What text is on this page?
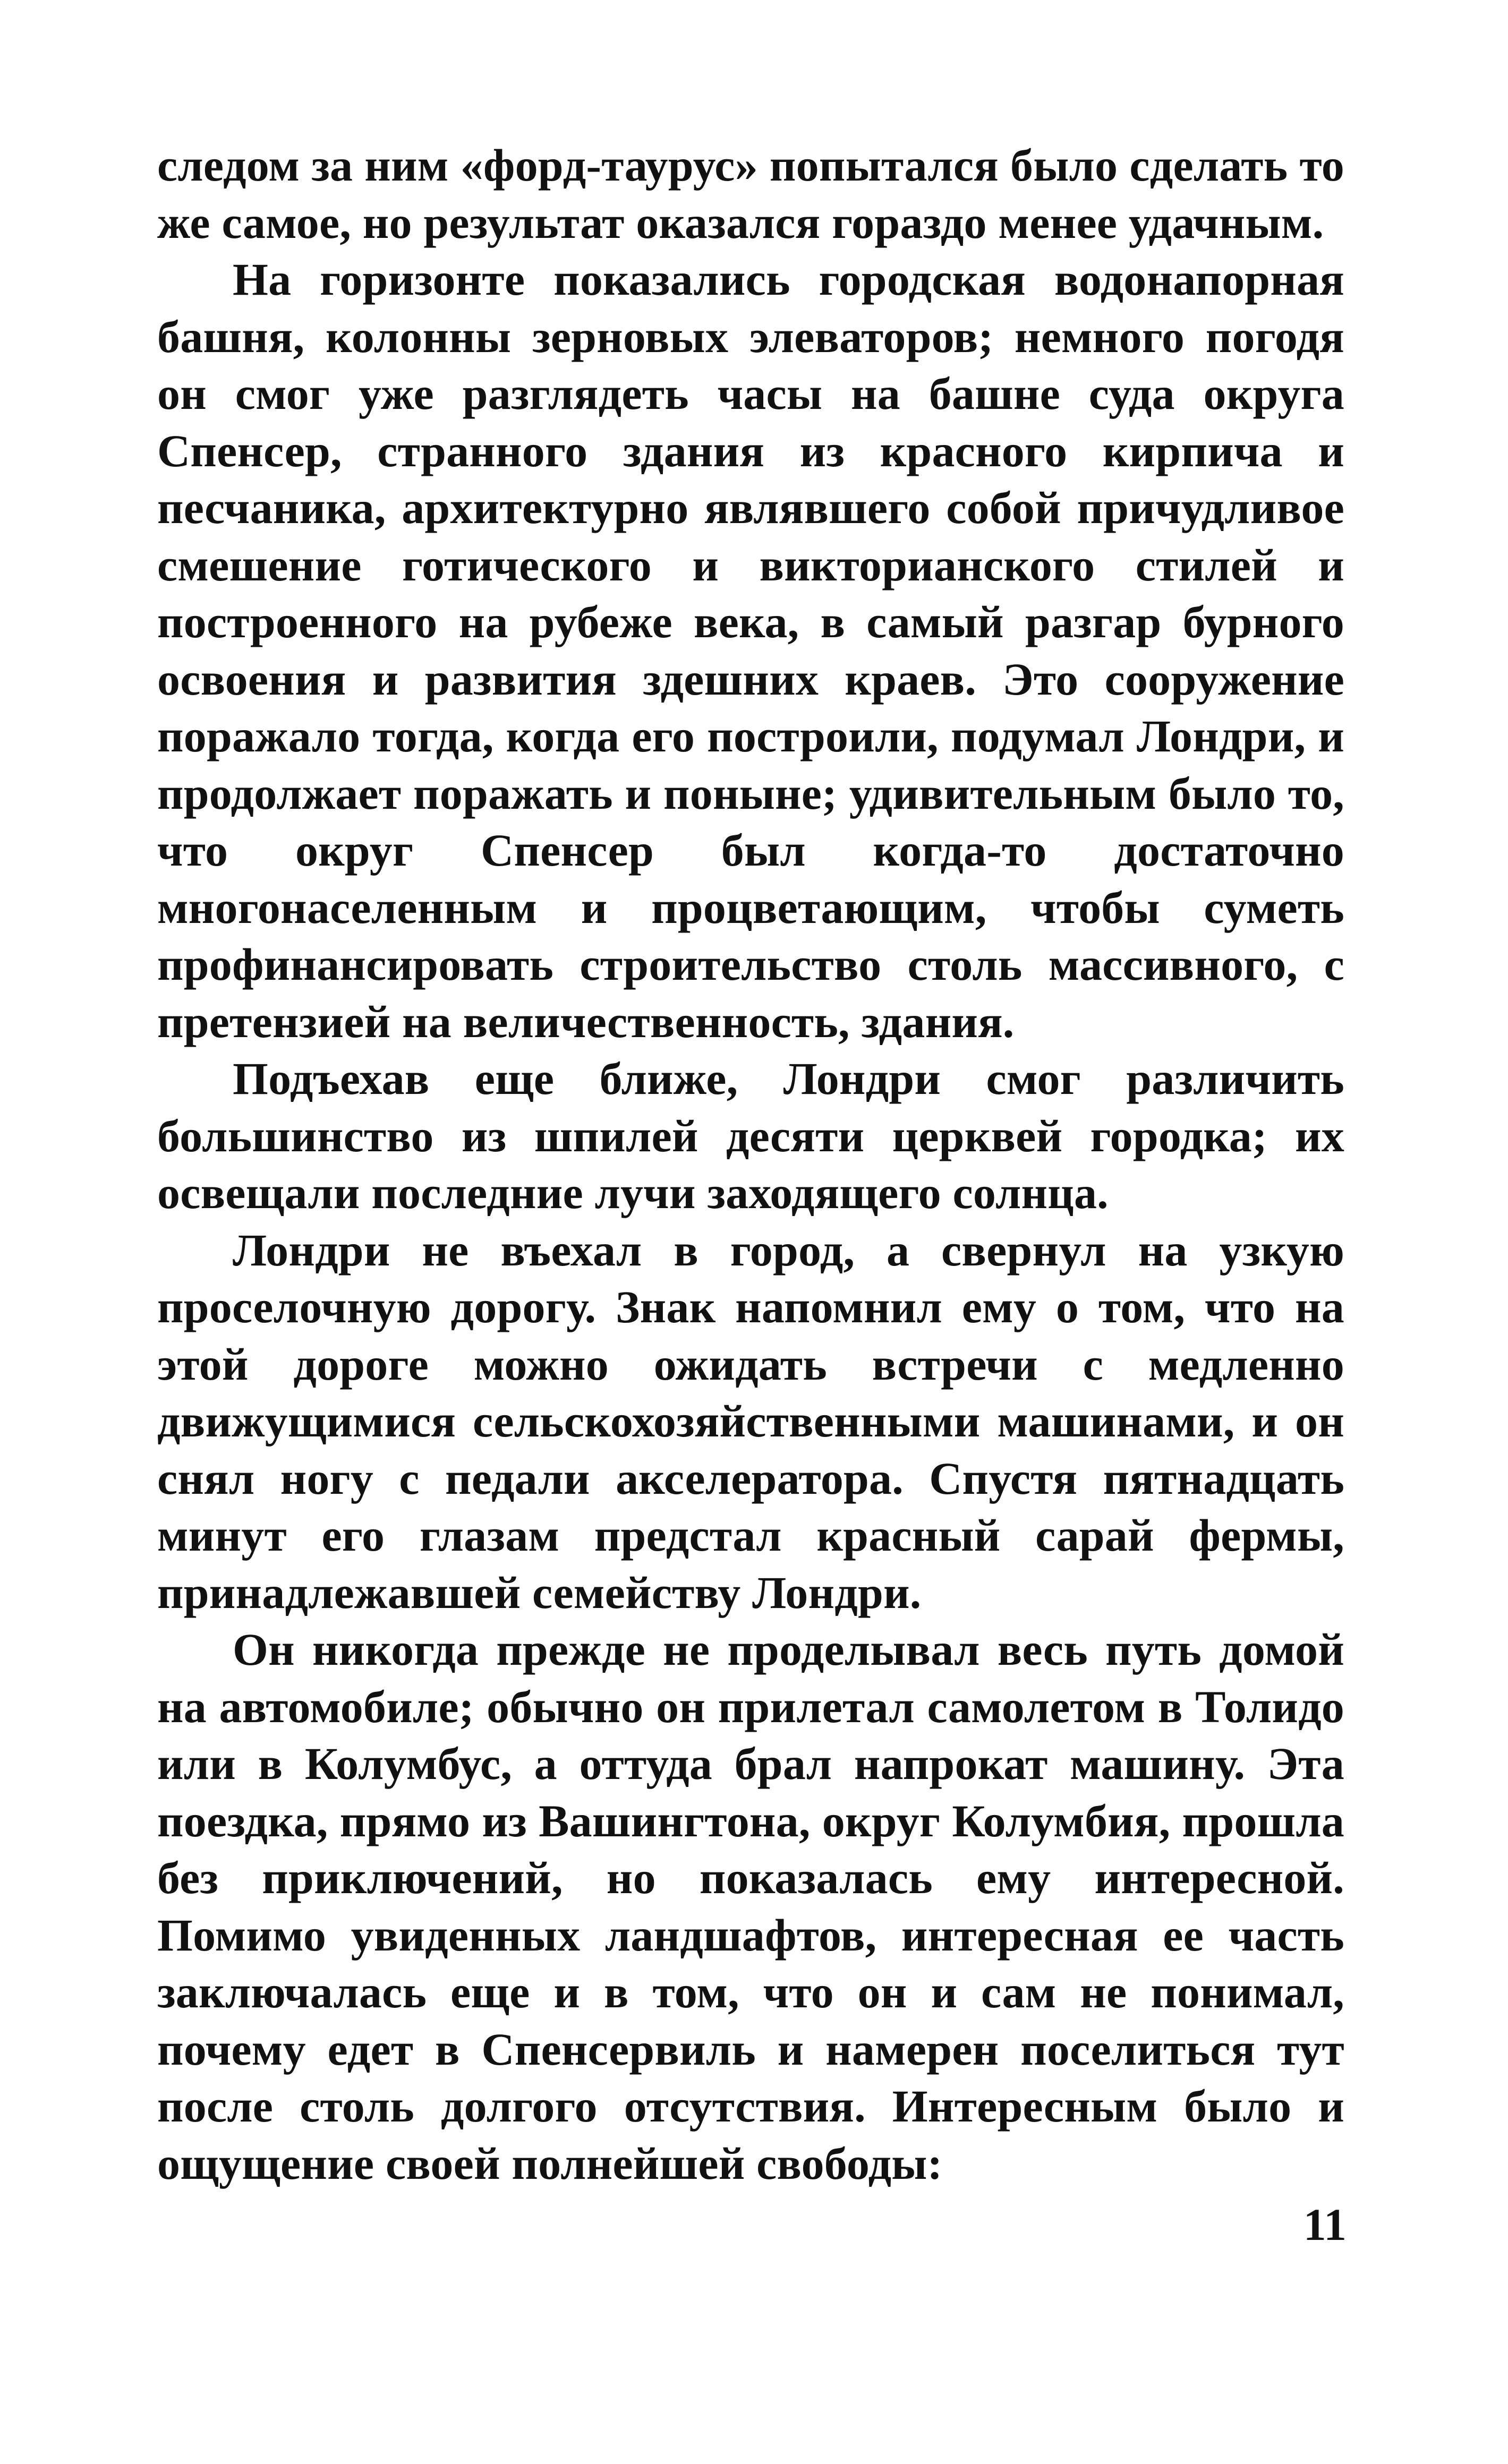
следом за ним «форд-таурус» попытался было сделать то же самое, но результат оказался гораздо менее удачным.

На горизонте показались городская водонапорная башня, колонны зерновых элеваторов; немного погодя он смог уже разглядеть часы на башне суда округа Спенсер, странного здания из красного кирпича и песчаника, архитектурно являвшего собой причудливое смешение готического и викторианского стилей и построенного на рубеже века, в самый разгар бурного освоения и развития здешних краев. Это сооружение поражало тогда, когда его построили, подумал Лондри, и продолжает поражать и поныне; удивительным было то, что округ Спенсер был когда-то достаточно многонаселенным и процветающим, чтобы суметь профинансировать строительство столь массивного, с претензией на величественность, здания.

Подъехав еще ближе, Лондри смог различить большинство из шпилей десяти церквей городка; их освещали последние лучи заходящего солнца.

Лондри не въехал в город, а свернул на узкую проселочную дорогу. Знак напомнил ему о том, что на этой дороге можно ожидать встречи с медленно движущимися сельскохозяйственными машинами, и он снял ногу с педали акселератора. Спустя пятнадцать минут его глазам предстал красный сарай фермы, принадлежавшей семейству Лондри.

Он никогда прежде не проделывал весь путь домой на автомобиле; обычно он прилетал самолетом в Толидо или в Колумбус, а оттуда брал напрокат машину. Эта поездка, прямо из Вашингтона, округ Колумбия, прошла без приключений, но показалась ему интересной. Помимо увиденных ландшафтов, интересная ее часть заключалась еще и в том, что он и сам не понимал, почему едет в Спенсервиль и намерен поселиться тут после столь долгого отсутствия. Интересным было и ощущение своей полнейшей свободы:

11
